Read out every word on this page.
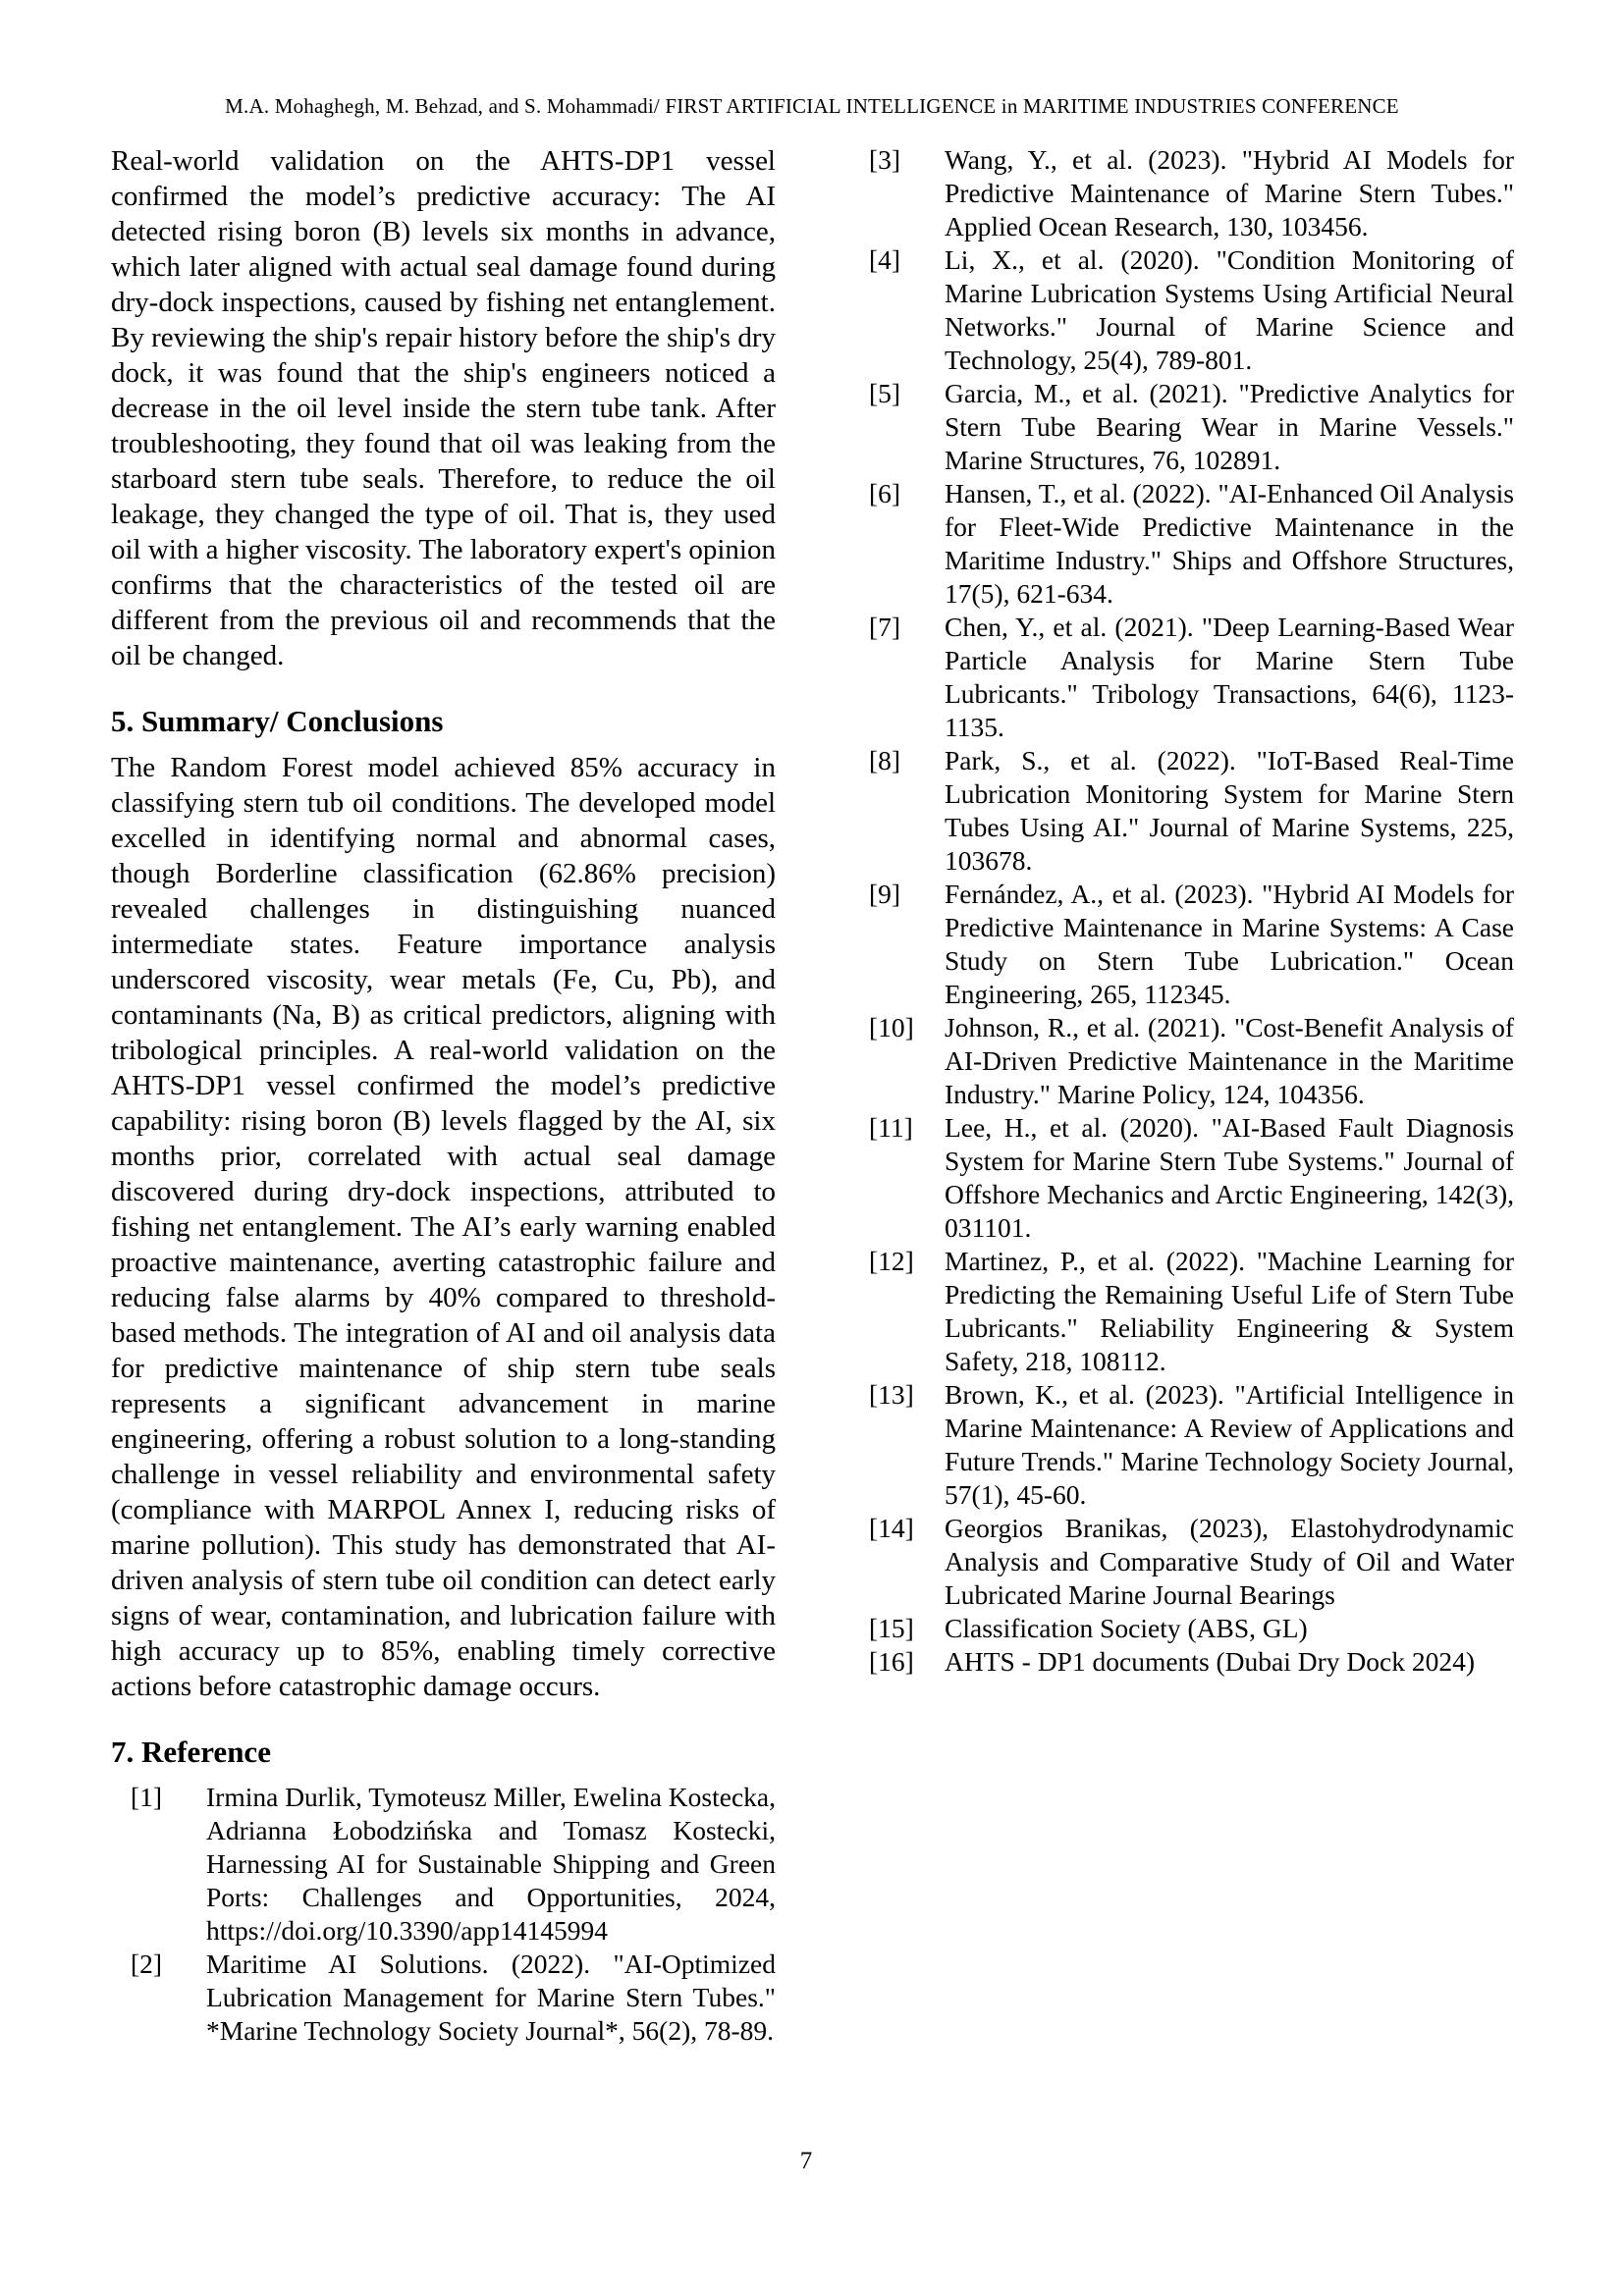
M.A. Mohaghegh, M. Behzad, and S. Mohammadi/ FIRST ARTIFICIAL INTELLIGENCE in MARITIME INDUSTRIES CONFERENCE

Real-world validation on the AHTS-DP1 vessel confirmed the model’s predictive accuracy: The AI detected rising boron (B) levels six months in advance, which later aligned with actual seal damage found during dry-dock inspections, caused by fishing net entanglement. By reviewing the ship's repair history before the ship's dry dock, it was found that the ship's engineers noticed a decrease in the oil level inside the stern tube tank. After troubleshooting, they found that oil was leaking from the starboard stern tube seals. Therefore, to reduce the oil leakage, they changed the type of oil. That is, they used oil with a higher viscosity. The laboratory expert's opinion confirms that the characteristics of the tested oil are different from the previous oil and recommends that the oil be changed.

5. Summary/ Conclusions

The Random Forest model achieved 85% accuracy in classifying stern tub oil conditions. The developed model excelled in identifying normal and abnormal cases, though Borderline classification (62.86% precision) revealed challenges in distinguishing nuanced intermediate states. Feature importance analysis underscored viscosity, wear metals (Fe, Cu, Pb), and contaminants (Na, B) as critical predictors, aligning with tribological principles. A real-world validation on the AHTS-DP1 vessel confirmed the model’s predictive capability: rising boron (B) levels flagged by the AI, six months prior, correlated with actual seal damage discovered during dry-dock inspections, attributed to fishing net entanglement. The AI’s early warning enabled proactive maintenance, averting catastrophic failure and reducing false alarms by 40% compared to threshold-based methods. The integration of AI and oil analysis data for predictive maintenance of ship stern tube seals represents a significant advancement in marine engineering, offering a robust solution to a long-standing challenge in vessel reliability and environmental safety (compliance with MARPOL Annex I, reducing risks of marine pollution). This study has demonstrated that AI-driven analysis of stern tube oil condition can detect early signs of wear, contamination, and lubrication failure with high accuracy up to 85%, enabling timely corrective actions before catastrophic damage occurs.

7. Reference
[1]	Irmina Durlik, Tymoteusz Miller, Ewelina Kostecka, Adrianna Łobodzińska and Tomasz Kostecki, Harnessing AI for Sustainable Shipping and Green Ports: Challenges and Opportunities, 2024, https://doi.org/10.3390/app14145994
[2]	Maritime AI Solutions. (2022). "AI-Optimized Lubrication Management for Marine Stern Tubes." *Marine Technology Society Journal*, 56(2), 78-89.
[3]	Wang, Y., et al. (2023). "Hybrid AI Models for Predictive Maintenance of Marine Stern Tubes." Applied Ocean Research, 130, 103456.
[4]	Li, X., et al. (2020). "Condition Monitoring of Marine Lubrication Systems Using Artificial Neural Networks." Journal of Marine Science and Technology, 25(4), 789-801.
[5]	Garcia, M., et al. (2021). "Predictive Analytics for Stern Tube Bearing Wear in Marine Vessels." Marine Structures, 76, 102891.
[6]	Hansen, T., et al. (2022). "AI-Enhanced Oil Analysis for Fleet-Wide Predictive Maintenance in the Maritime Industry." Ships and Offshore Structures, 17(5), 621-634.
[7]	Chen, Y., et al. (2021). "Deep Learning-Based Wear Particle Analysis for Marine Stern Tube Lubricants." Tribology Transactions, 64(6), 1123-1135.
[8]	Park, S., et al. (2022). "IoT-Based Real-Time Lubrication Monitoring System for Marine Stern Tubes Using AI." Journal of Marine Systems, 225, 103678.
[9]	Fernández, A., et al. (2023). "Hybrid AI Models for Predictive Maintenance in Marine Systems: A Case Study on Stern Tube Lubrication." Ocean Engineering, 265, 112345.
[10]	Johnson, R., et al. (2021). "Cost-Benefit Analysis of AI-Driven Predictive Maintenance in the Maritime Industry." Marine Policy, 124, 104356.
[11]	Lee, H., et al. (2020). "AI-Based Fault Diagnosis System for Marine Stern Tube Systems." Journal of Offshore Mechanics and Arctic Engineering, 142(3), 031101.
[12]	Martinez, P., et al. (2022). "Machine Learning for Predicting the Remaining Useful Life of Stern Tube Lubricants." Reliability Engineering & System Safety, 218, 108112.
[13]	Brown, K., et al. (2023). "Artificial Intelligence in Marine Maintenance: A Review of Applications and Future Trends." Marine Technology Society Journal, 57(1), 45-60.
[14]	Georgios Branikas, (2023), Elastohydrodynamic Analysis and Comparative Study of Oil and Water Lubricated Marine Journal Bearings
[15]	Classification Society (ABS, GL)
[16]	AHTS - DP1 documents (Dubai Dry Dock 2024)
7
